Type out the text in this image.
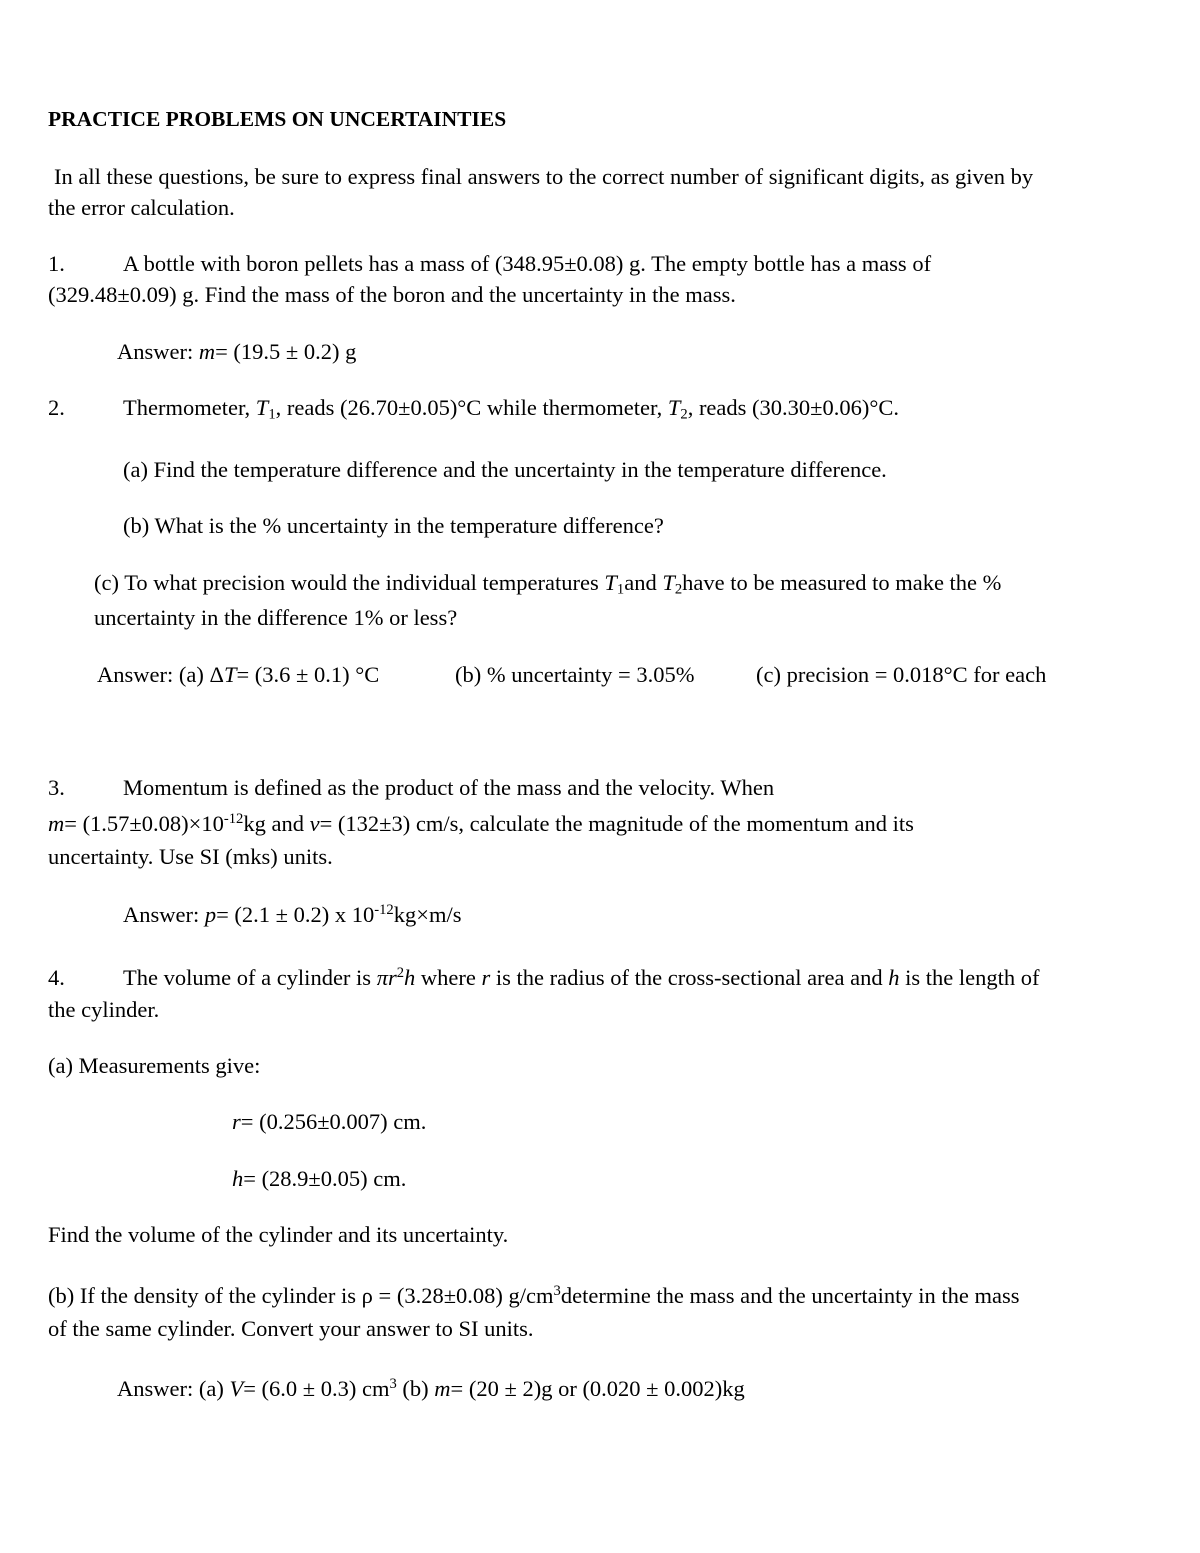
PRACTICE PROBLEMS ON UNCERTAINTIES
In all these questions, be sure to express final answers to the correct number of significant digits, as given by
the error calculation.
1.	A bottle with boron pellets has a mass of (348.95±0.08) g. The empty bottle has a mass of
(329.48±0.09) g. Find the mass of the boron and the uncertainty in the mass.
Answer: m= (19.5 ± 0.2) g
2.	Thermometer, $T_1$, reads (26.70±0.05)°C while thermometer, $T_2$, reads (30.30±0.06)°C.
(a) Find the temperature difference and the uncertainty in the temperature difference.
(b) What is the % uncertainty in the temperature difference?
(c) To what precision would the individual temperatures $T_1and$ $T_2have$ to be measured to make the %
uncertainty in the difference 1% or less?
Answer: (a) ΔT= (3.6 ± 0.1) °C	(b) % uncertainty = 3.05%	(c) precision = 0.018°C for each
3.	Momentum is defined as the product of the mass and the velocity. When
$m= (1.57\pm 0.08)\times 10^{-12}kg$ and v= (132±3) cm/s, calculate the magnitude of the momentum and its
uncertainty. Use SI (mks) units.
Answer: p= (2.1 ± 0.2) x $10^{-12}kg\times m/s$
4.	The volume of a cylinder is $\pi r^2h$ where r is the radius of the cross-sectional area and h is the length of
the cylinder.
(a) Measurements give:
r= (0.256±0.007) cm.
h= (28.9±0.05) cm.
Find the volume of the cylinder and its uncertainty.
(b) If the density of the cylinder is ρ = (3.28±0.08) $g/cm^3determine$ the mass and the uncertainty in the mass
of the same cylinder. Convert your answer to SI units.
Answer: (a) V= (6.0 ± 0.3) $cm^3$ (b) m= (20 ± 2)g or (0.020 ± 0.002)kg
